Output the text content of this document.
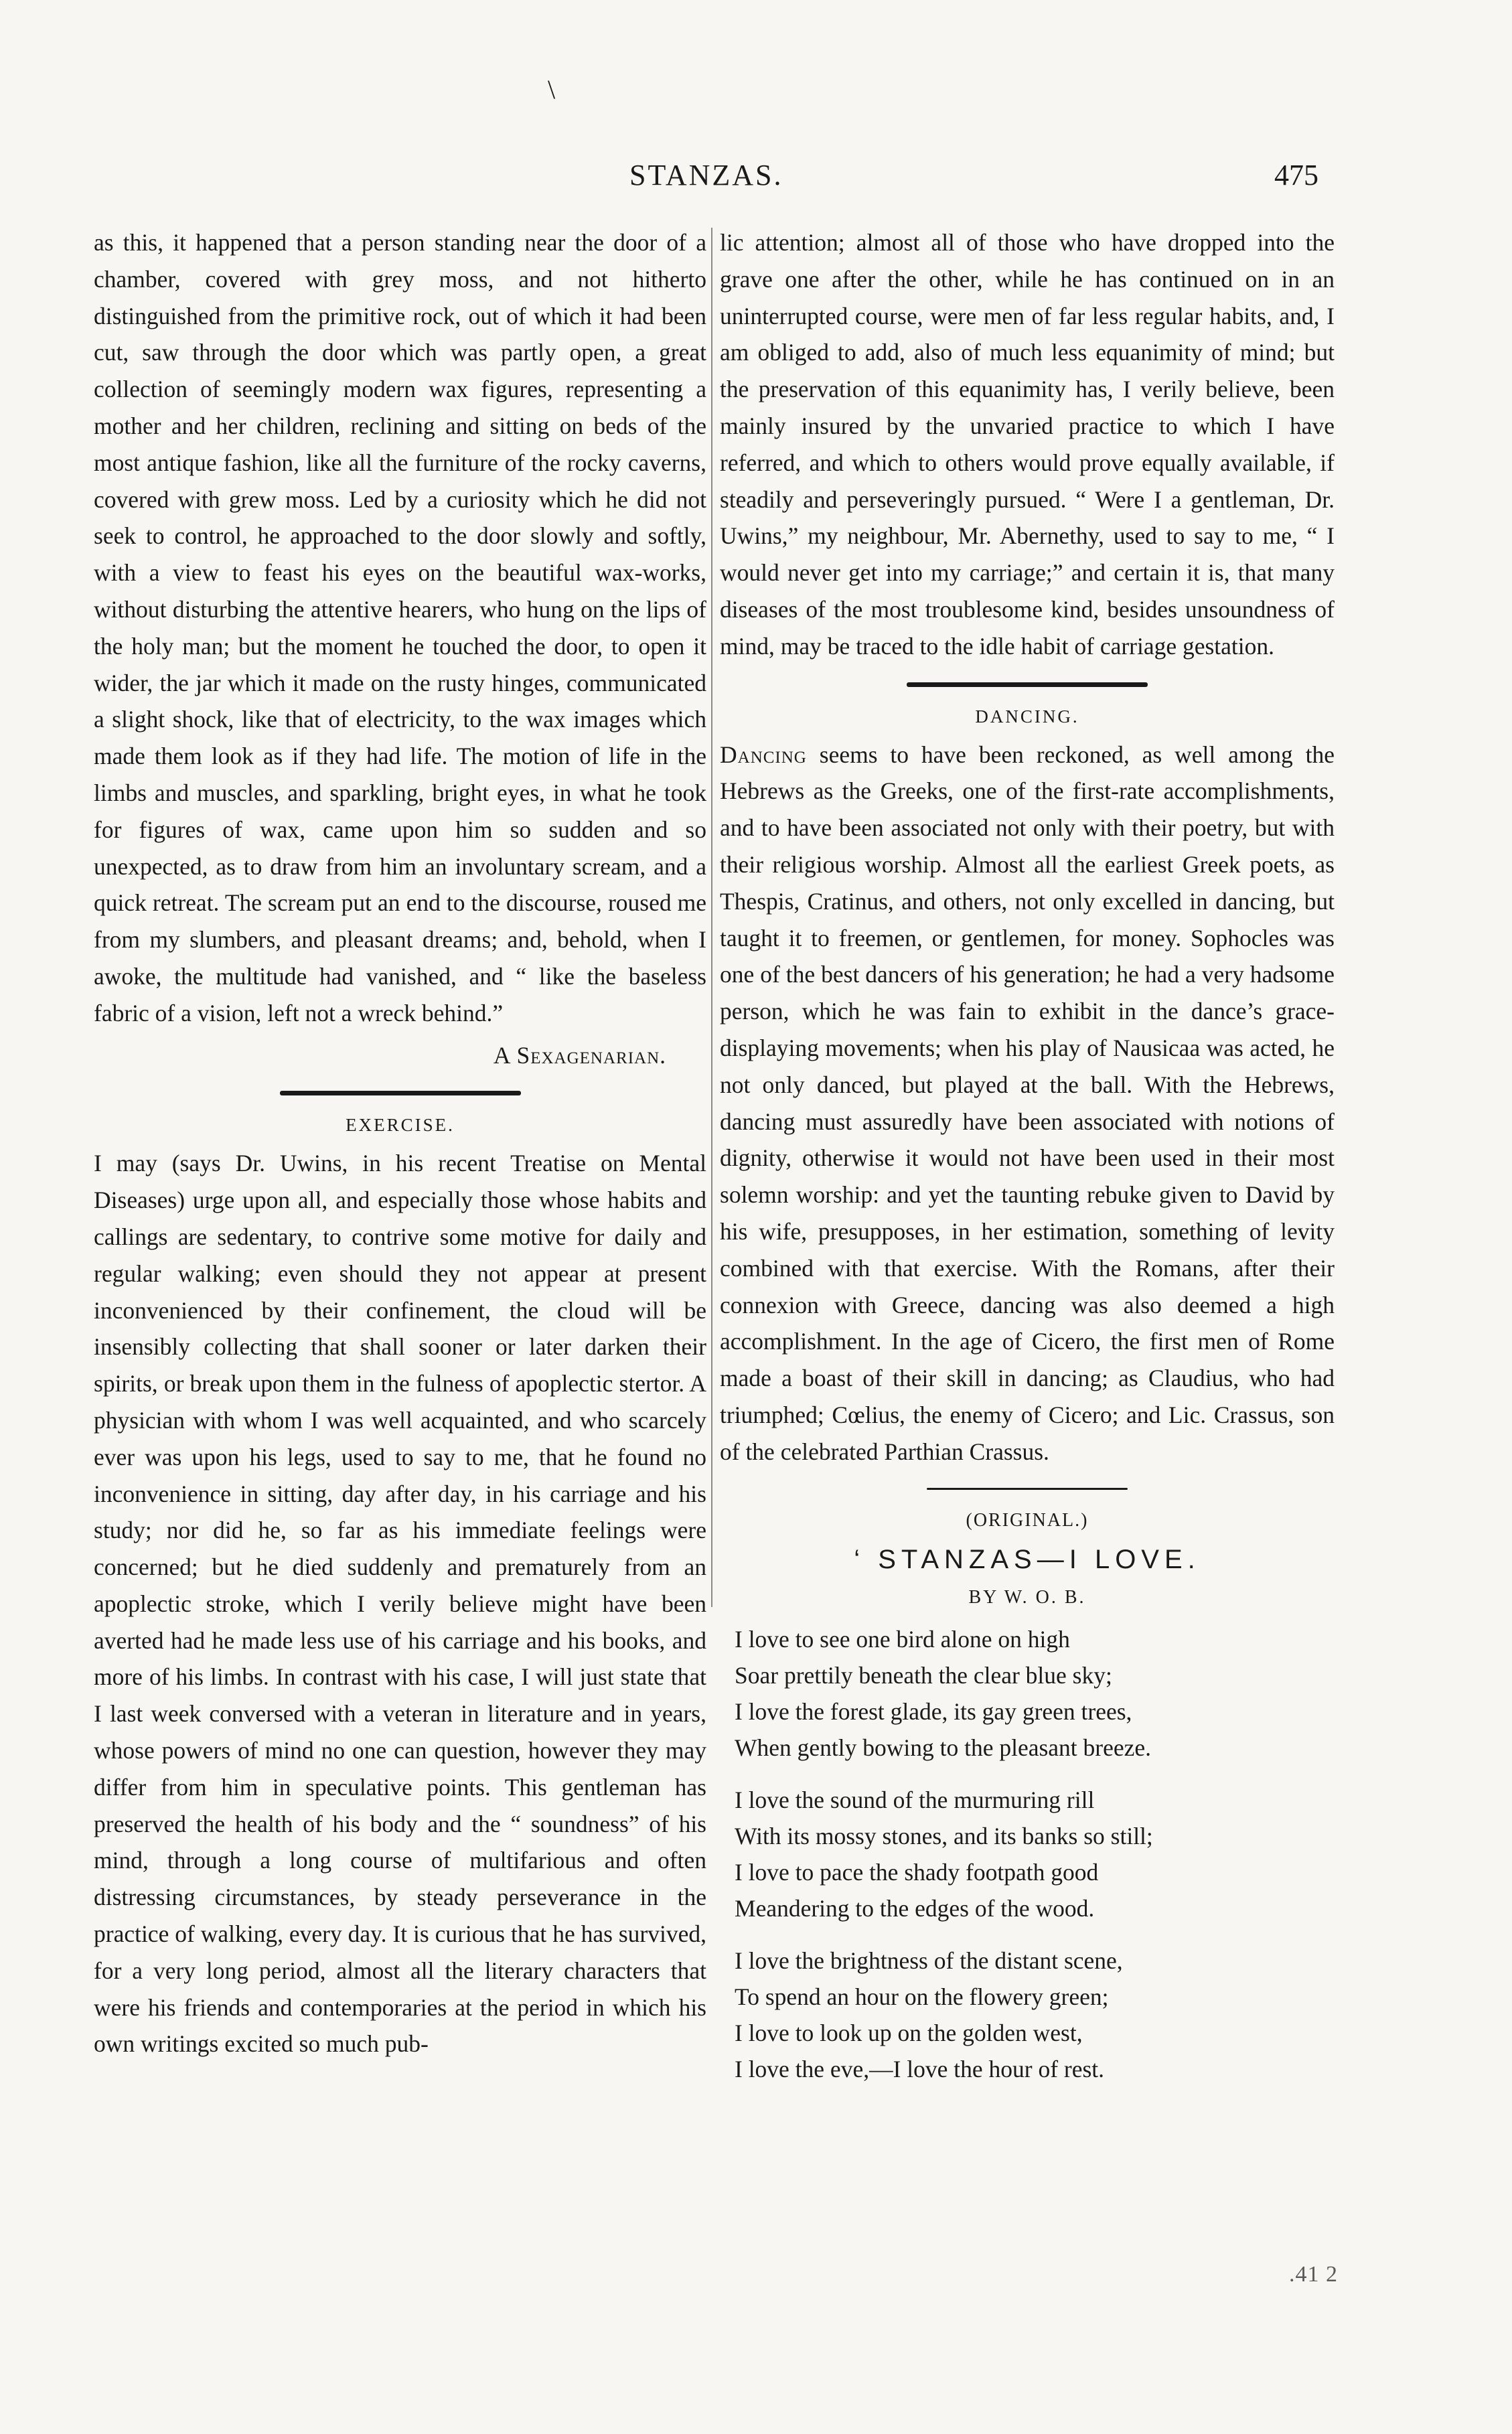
\
STANZAS.	475

as this, it happened that a person standing near the door of a chamber, covered with grey moss, and not hitherto distinguished from the primitive rock, out of which it had been cut, saw through the door which was partly open, a great collection of seemingly modern wax figures, representing a mother and her children, reclining and sitting on beds of the most antique fashion, like all the furniture of the rocky caverns, covered with grew moss. Led by a curiosity which he did not seek to control, he approached to the door slowly and softly, with a view to feast his eyes on the beautiful wax-works, without disturbing the attentive hearers, who hung on the lips of the holy man; but the moment he touched the door, to open it wider, the jar which it made on the rusty hinges, communicated a slight shock, like that of electricity, to the wax images which made them look as if they had life. The motion of life in the limbs and muscles, and sparkling, bright eyes, in what he took for figures of wax, came upon him so sudden and so unexpected, as to draw from him an involuntary scream, and a quick retreat. The scream put an end to the discourse, roused me from my slumbers, and pleasant dreams; and, behold, when I awoke, the multitude had vanished, and “ like the baseless fabric of a vision, left not a wreck behind.”

A Sexagenarian.
EXERCISE.

I may (says Dr. Uwins, in his recent Treatise on Mental Diseases) urge upon all, and especially those whose habits and callings are sedentary, to contrive some motive for daily and regular walking; even should they not appear at present inconvenienced by their confinement, the cloud will be insensibly collecting that shall sooner or later darken their spirits, or break upon them in the fulness of apoplectic stertor. A physician with whom I was well acquainted, and who scarcely ever was upon his legs, used to say to me, that he found no inconvenience in sitting, day after day, in his carriage and his study; nor did he, so far as his immediate feelings were concerned; but he died suddenly and prematurely from an apoplectic stroke, which I verily believe might have been averted had he made less use of his carriage and his books, and more of his limbs. In contrast with his case, I will just state that I last week conversed with a veteran in literature and in years, whose powers of mind no one can question, however they may differ from him in speculative points. This gentleman has preserved the health of his body and the “ soundness” of his mind, through a long course of multifarious and often distressing circumstances, by steady perseverance in the practice of walking, every day. It is curious that he has survived, for a very long period, almost all the literary characters that were his friends and contemporaries at the period in which his own writings excited so much pub-

lic attention; almost all of those who have dropped into the grave one after the other, while he has continued on in an uninterrupted course, were men of far less regular habits, and, I am obliged to add, also of much less equanimity of mind; but the preservation of this equanimity has, I verily believe, been mainly insured by the unvaried practice to which I have referred, and which to others would prove equally available, if steadily and perseveringly pursued. “ Were I a gentleman, Dr. Uwins,” my neighbour, Mr. Abernethy, used to say to me, “ I would never get into my carriage;” and certain it is, that many diseases of the most troublesome kind, besides unsoundness of mind, may be traced to the idle habit of carriage gestation.

DANCING.

Dancing seems to have been reckoned, as well among the Hebrews as the Greeks, one of the first-rate accomplishments, and to have been associated not only with their poetry, but with their religious worship. Almost all the earliest Greek poets, as Thespis, Cratinus, and others, not only excelled in dancing, but taught it to freemen, or gentlemen, for money. Sophocles was one of the best dancers of his generation; he had a very hadsome person, which he was fain to exhibit in the dance’s grace-displaying movements; when his play of Nausicaa was acted, he not only danced, but played at the ball. With the Hebrews, dancing must assuredly have been associated with notions of dignity, otherwise it would not have been used in their most solemn worship: and yet the taunting rebuke given to David by his wife, presupposes, in her estimation, something of levity combined with that exercise. With the Romans, after their connexion with Greece, dancing was also deemed a high accomplishment. In the age of Cicero, the first men of Rome made a boast of their skill in dancing; as Claudius, who had triumphed; Cœlius, the enemy of Cicero; and Lic. Crassus, son of the celebrated Parthian Crassus.

(ORIGINAL.)
‘ STANZAS—I LOVE.
BY W. O. B.
I love to see one bird alone on high
Soar prettily beneath the clear blue sky;
I love the forest glade, its gay green trees,
When gently bowing to the pleasant breeze.
I love the sound of the murmuring rill
With its mossy stones, and its banks so still;
I love to pace the shady footpath good
Meandering to the edges of the wood.
I love the brightness of the distant scene,
To spend an hour on the flowery green;
I love to look up on the golden west,
I love the eve,—I love the hour of rest.
.41 2
